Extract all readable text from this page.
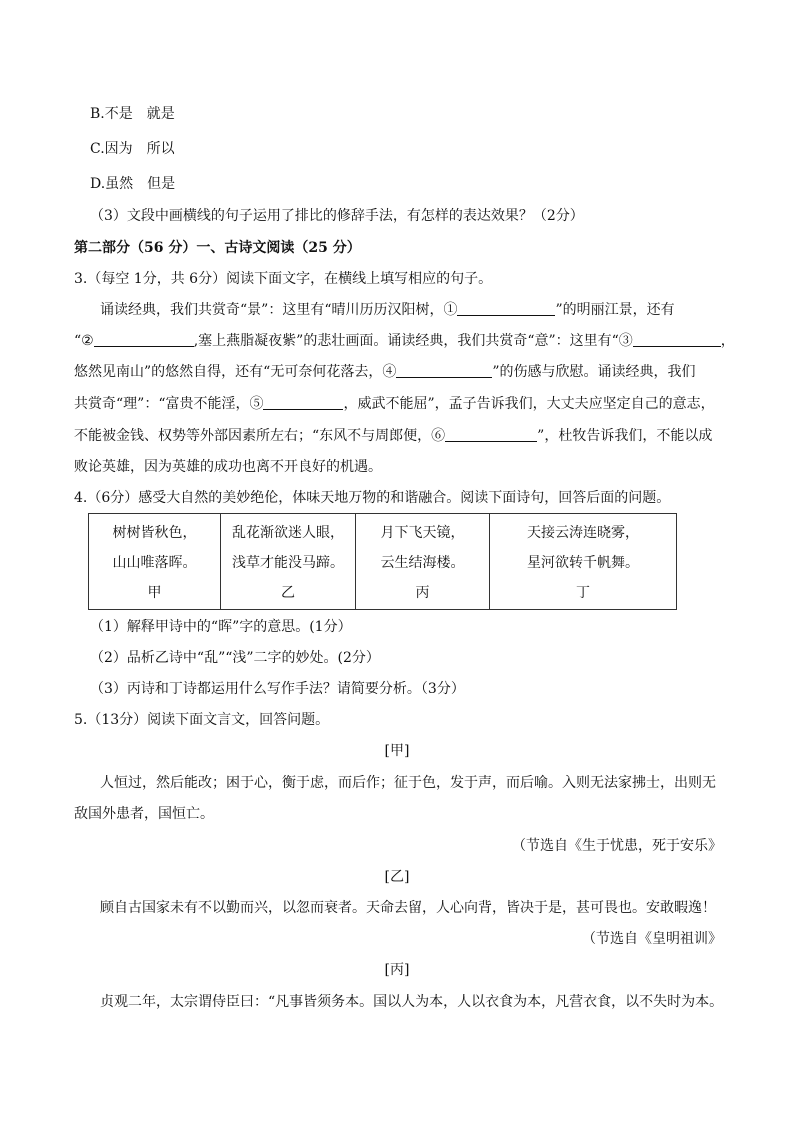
B.不是　就是
C.因为　所以
D.虽然　但是
（3）文段中画横线的句子运用了排比的修辞手法，有怎样的表达效果？（2分）
第二部分（56 分）一、古诗文阅读（25 分）
3.（每空 1分，共 6分）阅读下面文字，在横线上填写相应的句子。
诵读经典，我们共赏奇“景”：这里有“晴川历历汉阳树，①	”的明丽江景，还有
“②	,塞上燕脂凝夜紫”的悲壮画面。诵读经典，我们共赏奇“意”：这里有“③	，
悠然见南山”的悠然自得，还有“无可奈何花落去，④	”的伤感与欣慰。诵读经典，我们
共赏奇“理”：“富贵不能淫，⑤	，威武不能屈”，孟子告诉我们，大丈夫应坚定自己的意志，
不能被金钱、权势等外部因素所左右；“东风不与周郎便，⑥	”，杜牧告诉我们，不能以成
败论英雄，因为英雄的成功也离不开良好的机遇。
4.（6分）感受大自然的美妙绝伦，体味天地万物的和谐融合。阅读下面诗句，回答后面的问题。
树树皆秋色，
山山唯落晖。
甲

乱花渐欲迷人眼，
浅草才能没马蹄。
乙

月下飞天镜，
云生结海楼。
丙

天接云涛连晓雾，
星河欲转千帆舞。
丁
（1）解释甲诗中的“晖”字的意思。(1分）
（2）品析乙诗中“乱”“浅”二字的妙处。(2分）
（3）丙诗和丁诗都运用什么写作手法？请简要分析。（3分）
5.（13分）阅读下面文言文，回答问题。
[甲]
人恒过，然后能改；困于心，衡于虑，而后作；征于色，发于声，而后喻。入则无法家拂士，出则无
敌国外患者，国恒亡。
（节选自《生于忧患，死于安乐》
[乙]
顾自古国家未有不以勤而兴，以忽而衰者。天命去留，人心向背，皆决于是，甚可畏也。安敢暇逸！
（节选自《皇明祖训》
[丙]
贞观二年，太宗谓侍臣曰：“凡事皆须务本。国以人为本，人以衣食为本，凡营衣食，以不失时为本。
